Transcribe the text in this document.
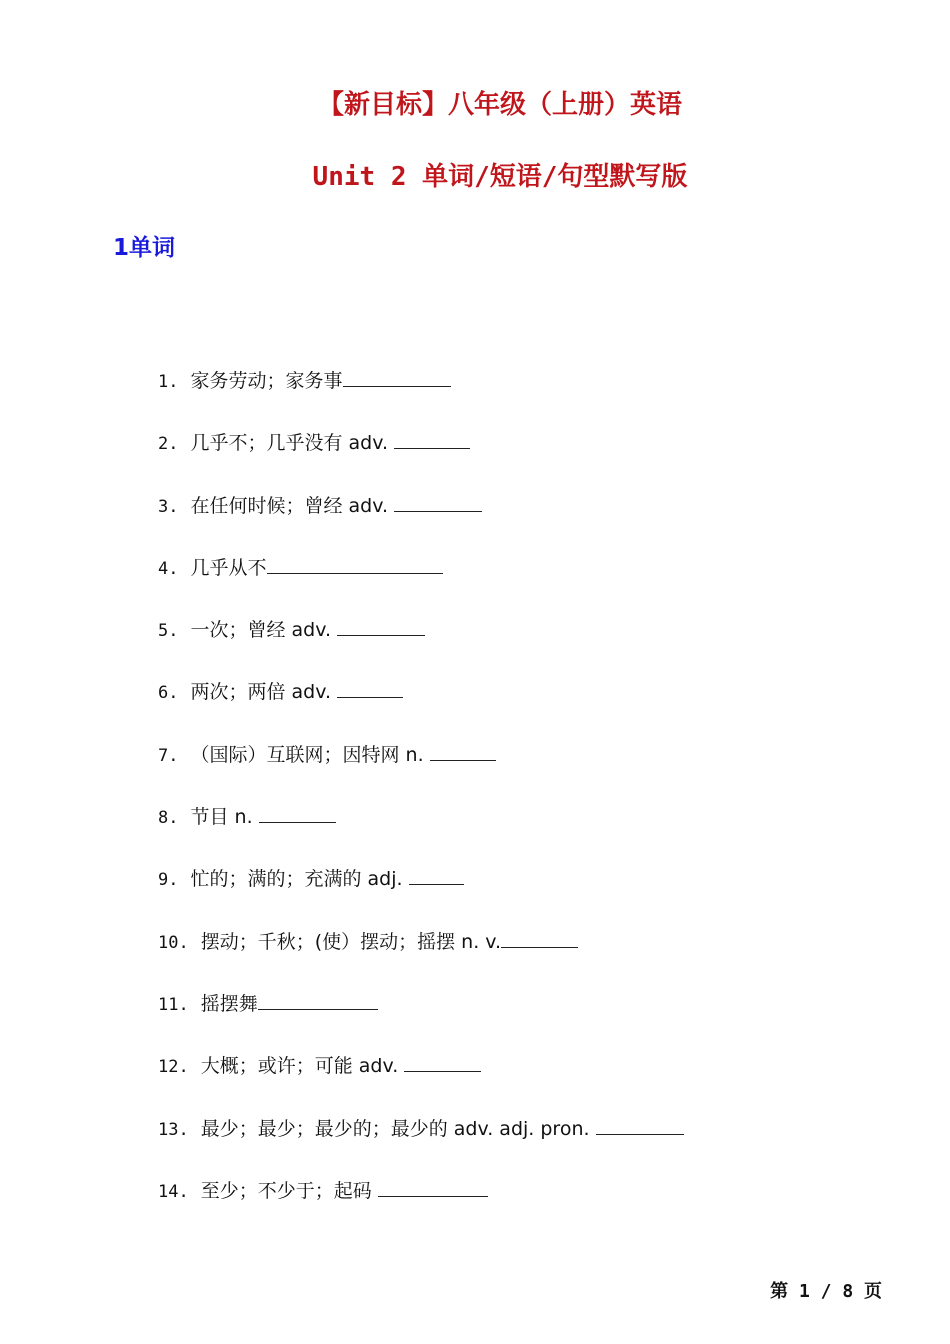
【新目标】八年级（上册）英语
Unit 2 单词/短语/句型默写版
1单词
1. 家务劳动；家务事
2. 几乎不；几乎没有 adv.
3. 在任何时候；曾经 adv.
4. 几乎从不
5. 一次；曾经 adv.
6. 两次；两倍 adv.
7. （国际）互联网；因特网 n.
8. 节目 n.
9. 忙的；满的；充满的 adj.
10. 摆动；千秋；(使）摆动；摇摆 n. v.
11. 摇摆舞
12. 大概；或许；可能 adv.
13. 最少；最少；最少的；最少的 adv. adj. pron.
14. 至少；不少于；起码
第 1 / 8 页
